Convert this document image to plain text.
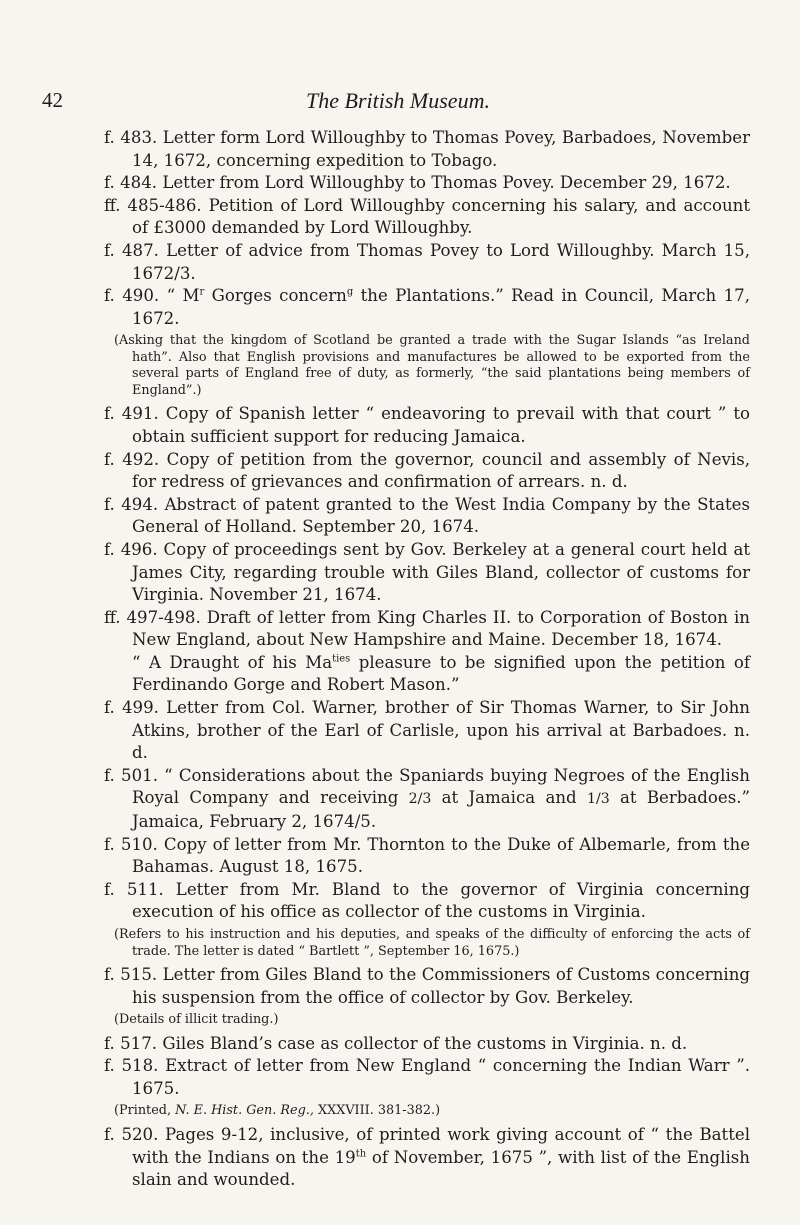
42	The British Museum.

f. 483. Letter form Lord Willoughby to Thomas Povey, Barbadoes, November 14, 1672, concerning expedition to Tobago.

f. 484. Letter from Lord Willoughby to Thomas Povey. December 29, 1672.

ff. 485-486. Petition of Lord Willoughby concerning his salary, and account of £3000 demanded by Lord Willoughby.

f. 487. Letter of advice from Thomas Povey to Lord Willoughby. March 15, 1672/3.

f. 490. “ $M^r$ Gorges concern$^g$ the Plantations.” Read in Council, March 17, 1672.

(Asking that the kingdom of Scotland be granted a trade with the Sugar Islands “as Ireland hath”. Also that English provisions and manufactures be allowed to be exported from the several parts of England free of duty, as formerly, “the said plantations being members of England”.)

f. 491. Copy of Spanish letter “ endeavoring to prevail with that court ” to obtain sufficient support for reducing Jamaica.

f. 492. Copy of petition from the governor, council and assembly of Nevis, for redress of grievances and confirmation of arrears. n. d.

f. 494. Abstract of patent granted to the West India Company by the States General of Holland. September 20, 1674.

f. 496. Copy of proceedings sent by Gov. Berkeley at a general court held at James City, regarding trouble with Giles Bland, collector of customs for Virginia. November 21, 1674.

ff. 497-498. Draft of letter from King Charles II. to Corporation of Boston in New England, about New Hampshire and Maine. December 18, 1674.

“ A Draught of his $Ma^{ties}$ pleasure to be signified upon the petition of Ferdinando Gorge and Robert Mason.”

f. 499. Letter from Col. Warner, brother of Sir Thomas Warner, to Sir John Atkins, brother of the Earl of Carlisle, upon his arrival at Barbadoes. n. d.

f. 501. “ Considerations about the Spaniards buying Negroes of the English Royal Company and receiving 2/3 at Jamaica and 1/3 at Berbadoes.” Jamaica, February 2, 1674/5.

f. 510. Copy of letter from Mr. Thornton to the Duke of Albemarle, from the Bahamas. August 18, 1675.

f. 511. Letter from Mr. Bland to the governor of Virginia concerning execution of his office as collector of the customs in Virginia.

(Refers to his instruction and his deputies, and speaks of the difficulty of enforcing the acts of trade. The letter is dated “ Bartlett ”, September 16, 1675.)

f. 515. Letter from Giles Bland to the Commissioners of Customs concerning his suspension from the office of collector by Gov. Berkeley.

(Details of illicit trading.)

f. 517. Giles Bland’s case as collector of the customs in Virginia. n. d.

f. 518. Extract of letter from New England “ concerning the Indian Warr ”. 1675.

(Printed, N. E. Hist. Gen. Reg., XXXVIII. 381-382.)

f. 520. Pages 9-12, inclusive, of printed work giving account of “ the Battel with the Indians on the 19th of November, 1675 ”, with list of the English slain and wounded.
